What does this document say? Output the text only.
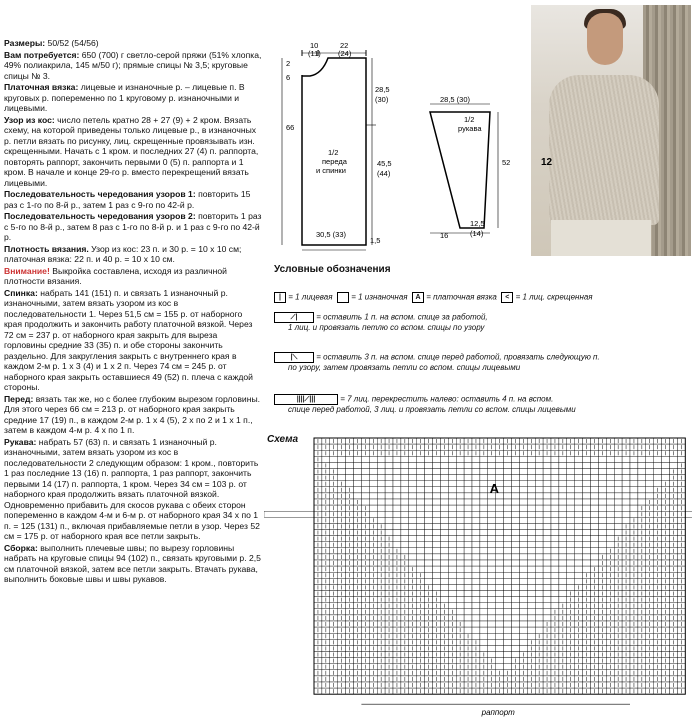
Размеры: 50/52 (54/56)

Вам потребуется: 650 (700) г светло-серой пряжи (51% хлопка, 49% полиакрила, 145 м/50 г); прямые спицы № 3,5; круговые спицы № 3.

Платочная вязка: лицевые и изнаночные р. – лицевые п. В круговых р. попеременно по 1 круговому р. изнаночными и лицевыми.

Узор из кос: число петель кратно 28 + 27 (9) + 2 кром. Вязать схему, на которой приведены только лицевые р., в изнаночных р. петли вязать по рисунку, лиц. скрещенные провязывать изн. скрещенными. Начать с 1 кром. и последних 27 (4) п. раппорта, повторять раппорт, закончить первыми 0 (5) п. раппорта и 1 кром. В начале и конце 29-го р. вместо перекрещений вязать лицевыми.

Последовательность чередования узоров 1: повторить 15 раз с 1-го по 8-й р., затем 1 раз с 9-го по 42-й р.

Последовательность чередования узоров 2: повторить 1 раз с 5-го по 8-й р., затем 8 раз с 1-го по 8-й р. и 1 раз с 9-го по 42-й р.

Плотность вязания. Узор из кос: 23 п. и 30 р. = 10 х 10 см; платочная вязка: 22 п. и 40 р. = 10 х 10 см.

Внимание! Выкройка составлена, исходя из различной плотности вязания.

Спинка: набрать 141 (151) п. и связать 1 изнаночный р. изнаночными, затем вязать узором из кос в последовательности 1. Через 51,5 см = 155 р. от наборного края продолжить и закончить работу платочной вязкой. Через 72 см = 237 р. от наборного края закрыть для выреза горловины средние 33 (35) п. и обе стороны закончить раздельно. Для закругления закрыть с внутреннего края в каждом 2-м р. 1 х 3 (4) и 1 х 2 п. Через 74 см = 245 р. от наборного края закрыть оставшиеся 49 (52) п. плеча с каждой стороны.

Перед: вязать так же, но с более глубоким вырезом горловины. Для этого через 66 см = 213 р. от наборного края закрыть средние 17 (19) п., в каждом 2-м р. 1 х 4 (5), 2 х по 2 и 1 х 1 п., затем в каждом 4-м р. 4 х по 1 п.

Рукава: набрать 57 (63) п. и связать 1 изнаночный р. изнаночными, затем вязать узором из кос в последовательности 2 следующим образом: 1 кром., повторить 1 раз последние 13 (16) п. раппорта, 1 раз раппорт, закончить первыми 14 (17) п. раппорта, 1 кром. Через 34 см = 103 р. от наборного края продолжить вязать платочной вязкой. Одновременно прибавить для скосов рукава с обеих сторон попеременно в каждом 4-м и 6-м р. от наборного края 34 х по 1 п. = 125 (131) п., включая прибавляемые петли в узор. Через 52 см = 175 р. от наборного края все петли закрыть.

Сборка: выполнить плечевые швы; по вырезу горловины набрать на круговые спицы 94 (102) п., связать круговыми р. 2,5 см платочной вязкой, затем все петли закрыть. Втачать рукава, выполнить боковые швы и швы рукавов.

12
10
(11)
22
(24)
2
6
28,5
(30)
66
1/2
переда
и спинки
45,5
(44)
30,5 (33)
1,5
28,5 (30)
1/2
рукава
52
16
12,5
(14)
Условные обозначения
| = 1 лицевая = 1 изнаночная A = платочная вязка < = 1 лиц. скрещенная
⟋| = оставить 1 п. на вспом. спице за работой,
1 лиц. и провязать петлю со вспом. спицы по узору
|⟍ = оставить 3 п. на вспом. спице перед работой, провязать следующую п.
по узору, затем провязать петли со вспом. спицы лицевыми
||||⟋|||	= 7 лиц. перекрестить налево: оставить 4 п. на вспом.
спице перед работой, 3 лиц. и провязать петли со вспом. спицы лицевыми
Схема
A
раппорт
